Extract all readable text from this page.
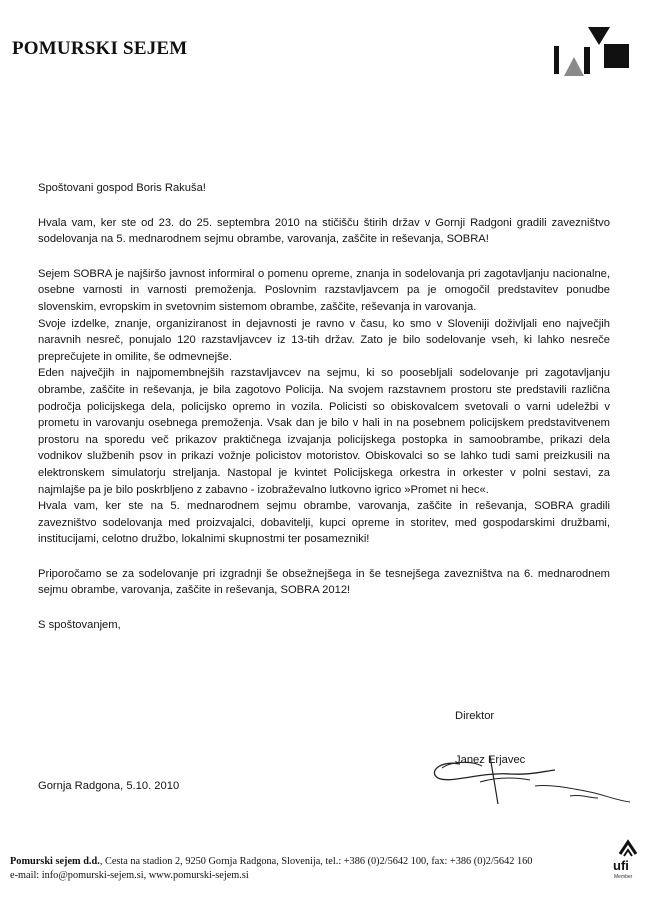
POMURSKI SEJEM

Spoštovani gospod Boris Rakuša!

Hvala vam, ker ste od 23. do 25. septembra 2010 na stičišču štirih držav v Gornji Radgoni gradili zavezništvo sodelovanja na 5. mednarodnem sejmu obrambe, varovanja, zaščite in reševanja, SOBRA!

Sejem SOBRA je najširšo javnost informiral o pomenu opreme, znanja in sodelovanja pri zagotavljanju nacionalne, osebne varnosti in varnosti premoženja. Poslovnim razstavljavcem pa je omogočil predstavitev ponudbe slovenskim, evropskim in svetovnim sistemom obrambe, zaščite, reševanja in varovanja.

Svoje izdelke, znanje, organiziranost in dejavnosti je ravno v času, ko smo v Sloveniji doživljali eno največjih naravnih nesreč, ponujalo 120 razstavljavcev iz 13-tih držav. Zato je bilo sodelovanje vseh, ki lahko nesreče preprečujete in omilite, še odmevnejše.

Eden največjih in najpomembnejših razstavljavcev na sejmu, ki so poosebljali sodelovanje pri zagotavljanju obrambe, zaščite in reševanja, je bila zagotovo Policija. Na svojem razstavnem prostoru ste predstavili različna področja policijskega dela, policijsko opremo in vozila. Policisti so obiskovalcem svetovali o varni udeležbi v prometu in varovanju osebnega premoženja. Vsak dan je bilo v hali in na posebnem policijskem predstavitvenem prostoru na sporedu več prikazov praktičnega izvajanja policijskega postopka in samoobrambe, prikazi dela vodnikov službenih psov in prikazi vožnje policistov motoristov. Obiskovalci so se lahko tudi sami preizkusili na elektronskem simulatorju streljanja. Nastopal je kvintet Policijskega orkestra in orkester v polni sestavi, za najmlajše pa je bilo poskrbljeno z zabavno - izobraževalno lutkovno igrico »Promet ni hec«.

Hvala vam, ker ste na 5. mednarodnem sejmu obrambe, varovanja, zaščite in reševanja, SOBRA gradili zavezništvo sodelovanja med proizvajalci, dobavitelji, kupci opreme in storitev, med gospodarskimi družbami, institucijami, celotno družbo, lokalnimi skupnostmi ter posamezniki!

Priporočamo se za sodelovanje pri izgradnji še obsežnejšega in še tesnejšega zavezništva na 6. mednarodnem sejmu obrambe, varovanja, zaščite in reševanja, SOBRA 2012!

S spoštovanjem,

Direktor
Janez Erjavec
Gornja Radgona, 5.10. 2010
Pomurski sejem d.d., Cesta na stadion 2, 9250 Gornja Radgona, Slovenija, tel.: +386 (0)2/5642 100, fax: +386 (0)2/5642 160
e-mail: info@pomurski-sejem.si, www.pomurski-sejem.si
ufi
Member
